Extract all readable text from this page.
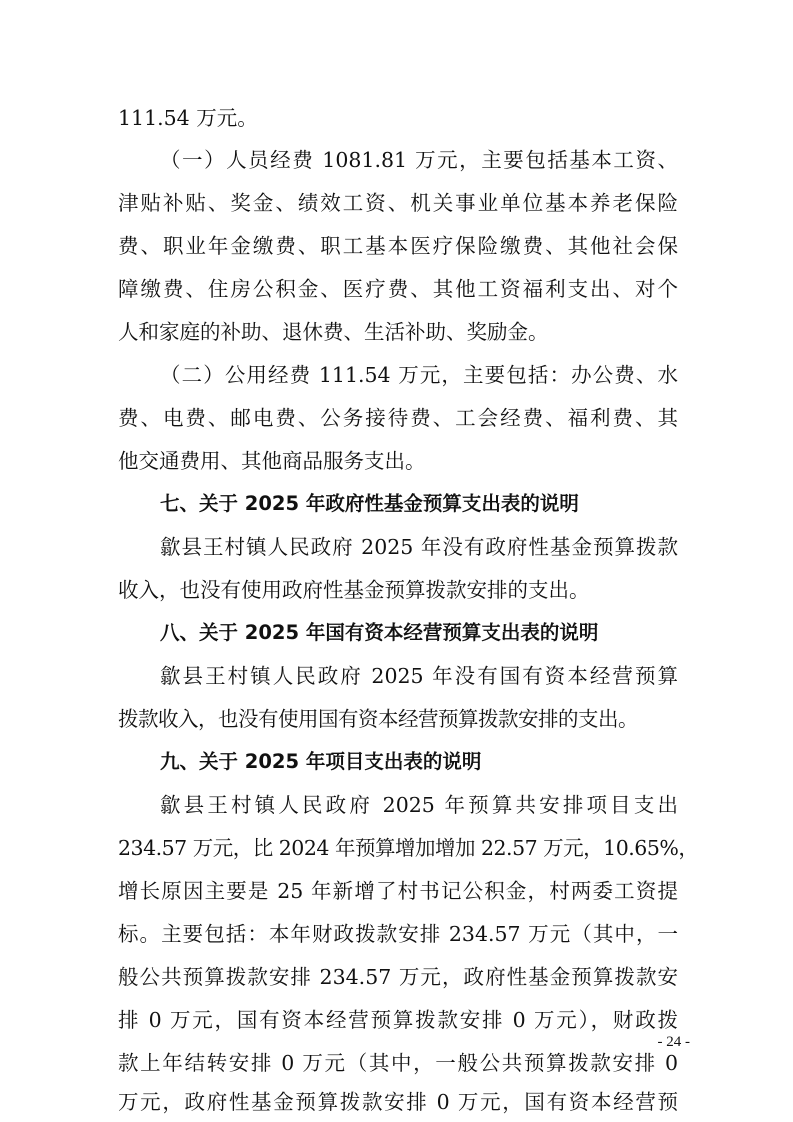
111.54 万元。
（一）人员经费 1081.81 万元，主要包括基本工资、
津贴补贴、奖金、绩效工资、机关事业单位基本养老保险
费、职业年金缴费、职工基本医疗保险缴费、其他社会保
障缴费、住房公积金、医疗费、其他工资福利支出、对个
人和家庭的补助、退休费、生活补助、奖励金。
（二）公用经费 111.54 万元，主要包括：办公费、水
费、电费、邮电费、公务接待费、工会经费、福利费、其
他交通费用、其他商品服务支出。
七、关于 2025 年政府性基金预算支出表的说明
歙县王村镇人民政府 2025 年没有政府性基金预算拨款
收入，也没有使用政府性基金预算拨款安排的支出。
八、关于 2025 年国有资本经营预算支出表的说明
歙县王村镇人民政府 2025 年没有国有资本经营预算
拨款收入，也没有使用国有资本经营预算拨款安排的支出。
九、关于 2025 年项目支出表的说明
歙县王村镇人民政府 2025 年预算共安排项目支出
234.57 万元，比 2024 年预算增加增加 22.57 万元，10.65%，
增长原因主要是 25 年新增了村书记公积金，村两委工资提
标。主要包括：本年财政拨款安排 234.57 万元（其中，一
般公共预算拨款安排 234.57 万元，政府性基金预算拨款安
排 0 万元，国有资本经营预算拨款安排 0 万元），财政拨
款上年结转安排 0 万元（其中，一般公共预算拨款安排 0
万元，政府性基金预算拨款安排 0 万元，国有资本经营预
- 24 -
